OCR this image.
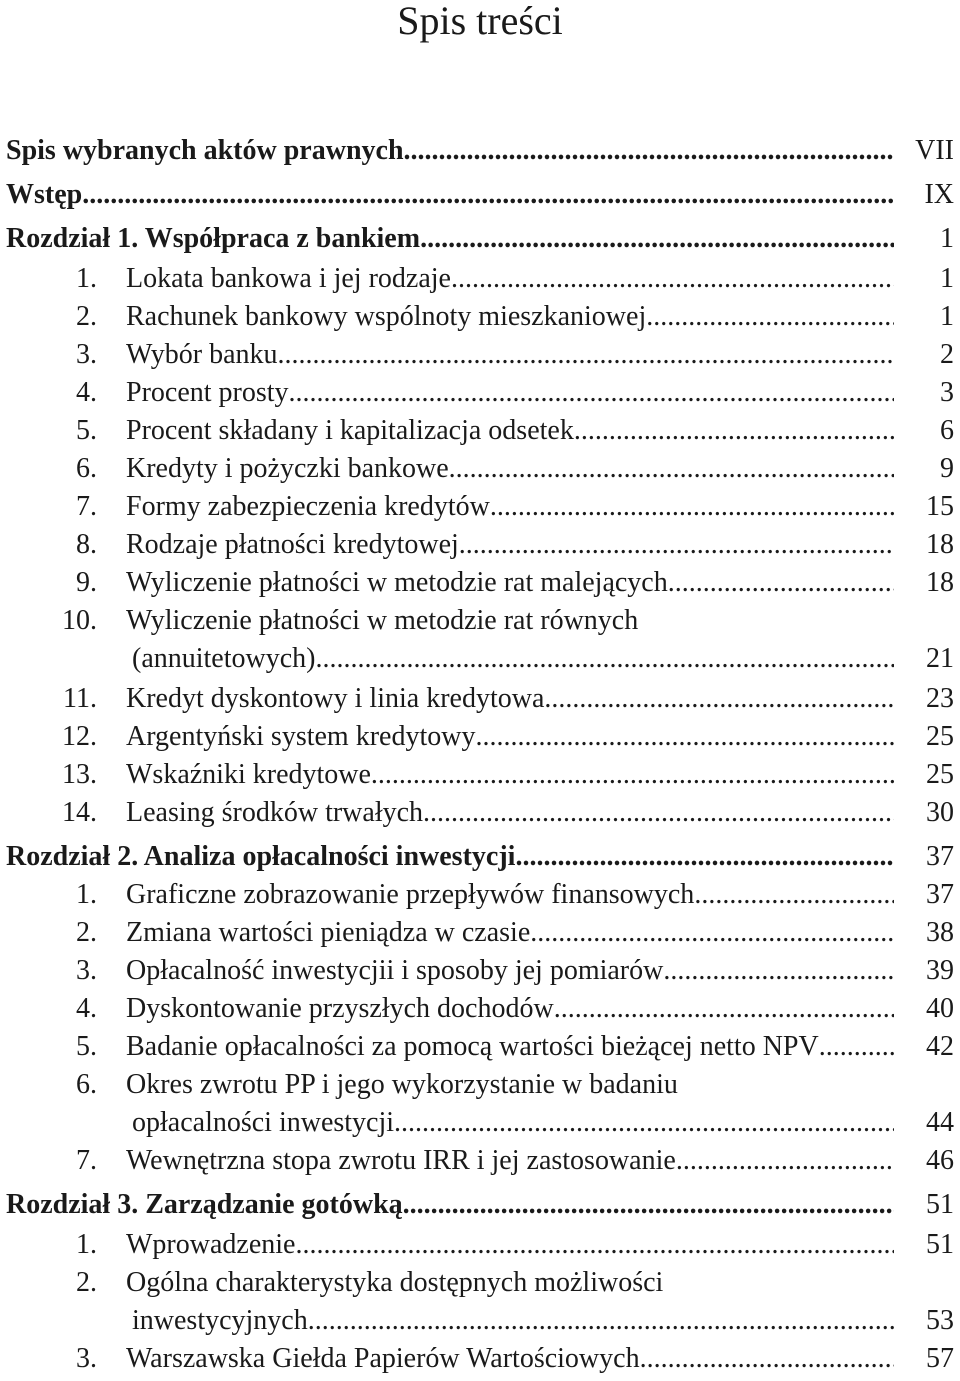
Spis treści
Spis wybranych aktów prawnych .....	VII
Wstęp .....	IX
Rozdział 1. Współpraca z bankiem .....	1
1. Lokata bankowa i jej rodzaje .....	1
2. Rachunek bankowy wspólnoty mieszkaniowej .....	1
3. Wybór banku .....	2
4. Procent prosty .....	3
5. Procent składany i kapitalizacja odsetek .....	6
6. Kredyty i pożyczki bankowe .....	9
7. Formy zabezpieczenia kredytów .....	15
8. Rodzaje płatności kredytowej .....	18
9. Wyliczenie płatności w metodzie rat malejących .....	18
10. Wyliczenie płatności w metodzie rat równych
(annuitetowych) .....	21
11. Kredyt dyskontowy i linia kredytowa .....	23
12. Argentyński system kredytowy .....	25
13. Wskaźniki kredytowe .....	25
14. Leasing środków trwałych .....	30
Rozdział 2. Analiza opłacalności inwestycji .....	37
1. Graficzne zobrazowanie przepływów finansowych .....	37
2. Zmiana wartości pieniądza w czasie .....	38
3. Opłacalność inwestycjii i sposoby jej pomiarów .....	39
4. Dyskontowanie przyszłych dochodów .....	40
5. Badanie opłacalności za pomocą wartości bieżącej netto NPV .....	42
6. Okres zwrotu PP i jego wykorzystanie w badaniu
opłacalności inwestycji .....	44
7. Wewnętrzna stopa zwrotu IRR i jej zastosowanie .....	46
Rozdział 3. Zarządzanie gotówką .....	51
1. Wprowadzenie .....	51
2. Ogólna charakterystyka dostępnych możliwości
inwestycyjnych .....	53
3. Warszawska Giełda Papierów Wartościowych .....	57
